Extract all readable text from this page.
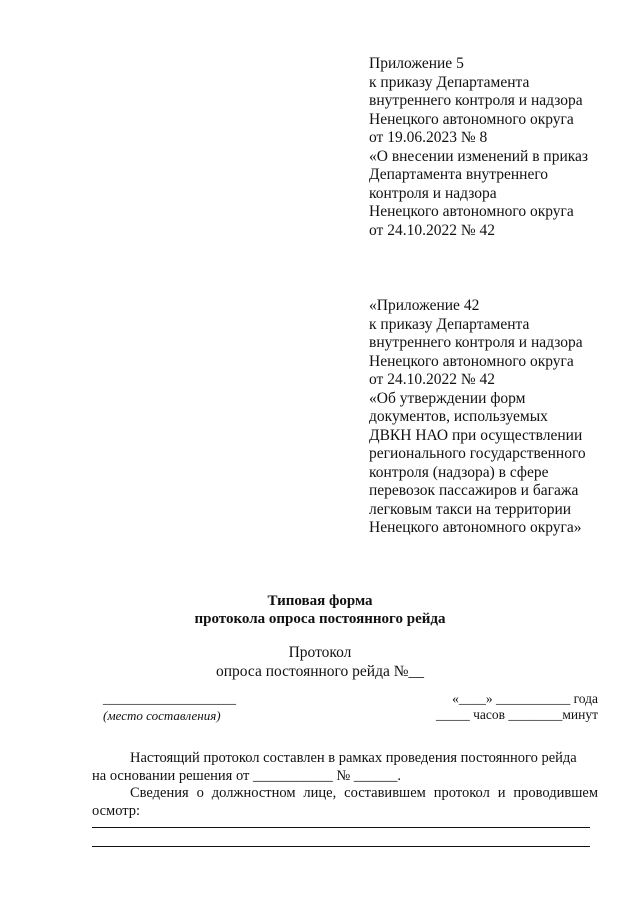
Приложение 5
к приказу Департамента
внутреннего контроля и надзора
Ненецкого автономного округа
от 19.06.2023 № 8
«О внесении изменений в приказ
Департамента внутреннего
контроля и надзора
Ненецкого автономного округа
от 24.10.2022 № 42
«Приложение 42
к приказу Департамента
внутреннего контроля и надзора
Ненецкого автономного округа
от 24.10.2022 № 42
«Об утверждении форм
документов, используемых
ДВКН НАО при осуществлении
регионального государственного
контроля (надзора) в сфере
перевозок пассажиров и багажа
легковым такси на территории
Ненецкого автономного округа»
Типовая форма
протокола опроса постоянного рейда
Протокол
опроса постоянного рейда №__
___________________
(место составления)
«____» ___________ года
_____ часов ________минут
Настоящий протокол составлен в рамках проведения постоянного рейда
на основании решения от ___________ № ______.
Сведения о должностном лице, составившем протокол и проводившем осмотр:
